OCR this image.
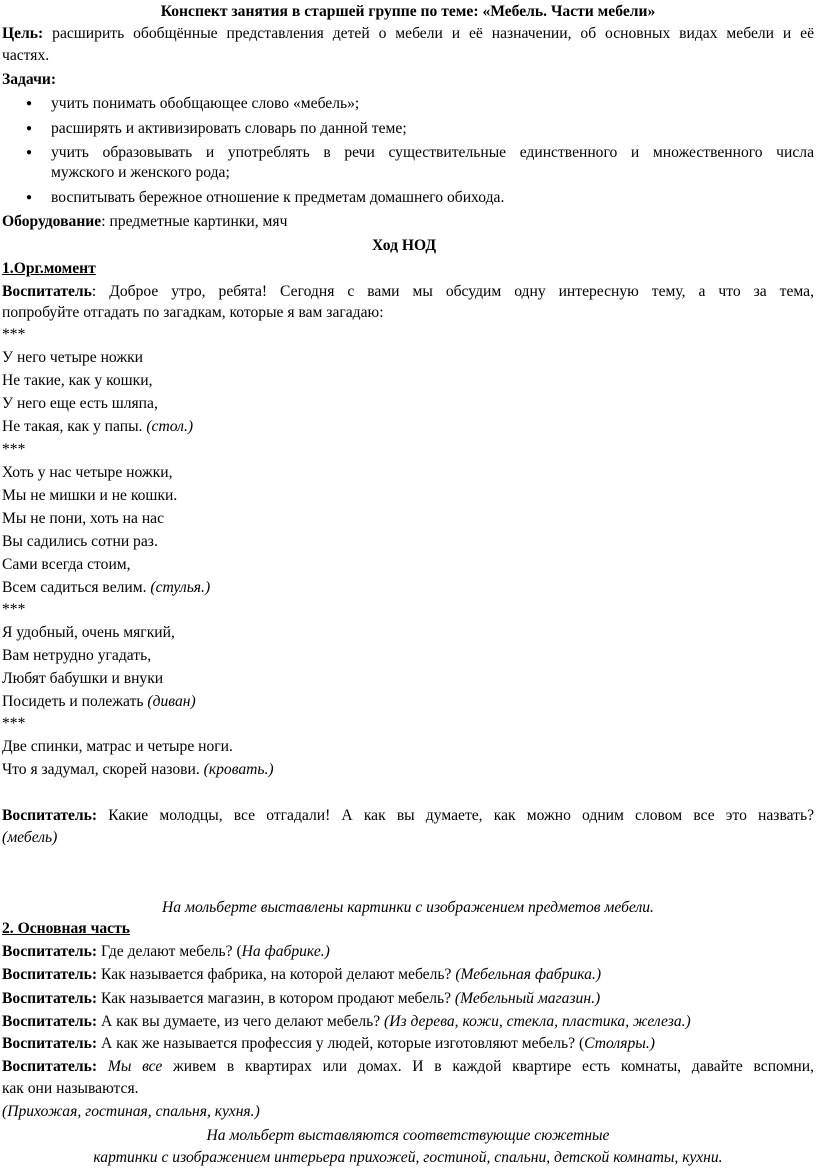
Конспект занятия в старшей группе по теме: «Мебель. Части мебели»
Цель: расширить обобщённые представления детей о мебели и её назначении, об основных видах мебели и её
частях.
Задачи:
● учить понимать обобщающее слово «мебель»;
● расширять и активизировать словарь по данной теме;
● учить образовывать и употреблять в речи существительные единственного и множественного числа
мужского и женского рода;
● воспитывать бережное отношение к предметам домашнего обихода.
Оборудование: предметные картинки, мяч
Ход НОД
1.Орг.момент
Воспитатель: Доброе утро, ребята! Сегодня с вами мы обсудим одну интересную тему, а что за тема,
попробуйте отгадать по загадкам, которые я вам загадаю:
***
У него четыре ножки
Не такие, как у кошки,
У него еще есть шляпа,
Не такая, как у папы. (стол.)
***
Хоть у нас четыре ножки,
Мы не мишки и не кошки.
Мы не пони, хоть на нас
Вы садились сотни раз.
Сами всегда стоим,
Всем садиться велим. (стулья.)
***
Я удобный, очень мягкий,
Вам нетрудно угадать,
Любят бабушки и внуки
Посидеть и полежать (диван)
***
Две спинки, матрас и четыре ноги.
Что я задумал, скорей назови. (кровать.)
Воспитатель: Какие молодцы, все отгадали! А как вы думаете, как можно одним словом все это назвать?
(мебель)
На мольберте выставлены картинки с изображением предметов мебели.
2. Основная часть
Воспитатель: Где делают мебель? (На фабрике.)
Воспитатель: Как называется фабрика, на которой делают мебель? (Мебельная фабрика.)
Воспитатель: Как называется магазин, в котором продают мебель? (Мебельный магазин.)
Воспитатель: А как вы думаете, из чего делают мебель? (Из дерева, кожи, стекла, пластика, железа.)
Воспитатель: А как же называется профессия у людей, которые изготовляют мебель? (Столяры.)
Воспитатель: Мы все живем в квартирах или домах. И в каждой квартире есть комнаты, давайте вспомни,
как они называются.
(Прихожая, гостиная, спальня, кухня.)
На мольберт выставляются соответствующие сюжетные
картинки с изображением интерьера прихожей, гостиной, спальни, детской комнаты, кухни.
